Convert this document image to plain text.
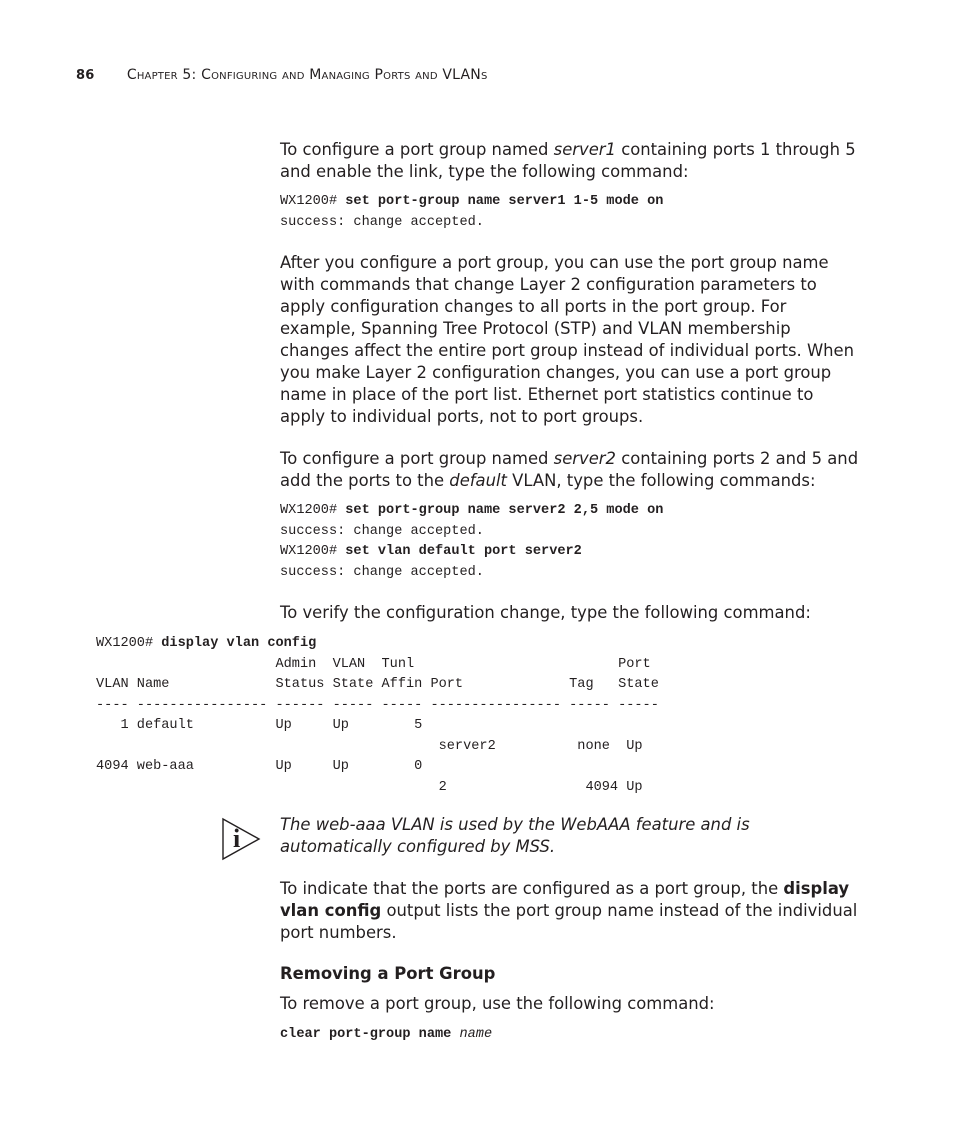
86 Chapter 5: Configuring and Managing Ports and VLANs

To configure a port group named server1 containing ports 1 through 5 and enable the link, type the following command:

WX1200# set port-group name server1 1-5 mode on
success: change accepted.

After you configure a port group, you can use the port group name with commands that change Layer 2 configuration parameters to apply configuration changes to all ports in the port group. For example, Spanning Tree Protocol (STP) and VLAN membership changes affect the entire port group instead of individual ports. When you make Layer 2 configuration changes, you can use a port group name in place of the port list. Ethernet port statistics continue to apply to individual ports, not to port groups.

To configure a port group named server2 containing ports 2 and 5 and add the ports to the default VLAN, type the following commands:

WX1200# set port-group name server2 2,5 mode on
success: change accepted.
WX1200# set vlan default port server2
success: change accepted.

To verify the configuration change, type the following command:

WX1200# display vlan config
Admin  VLAN  Tunl                         Port
VLAN Name             Status State Affin Port             Tag   State
---- ---------------- ------ ----- ----- ---------------- ----- -----
1 default          Up     Up        5
server2          none  Up
4094 web-aaa          Up     Up        0
2                 4094 Up
i The web-aaa VLAN is used by the WebAAA feature and is automatically configured by MSS.

To indicate that the ports are configured as a port group, the display vlan config output lists the port group name instead of the individual port numbers.

Removing a Port Group

To remove a port group, use the following command:

clear port-group name name
